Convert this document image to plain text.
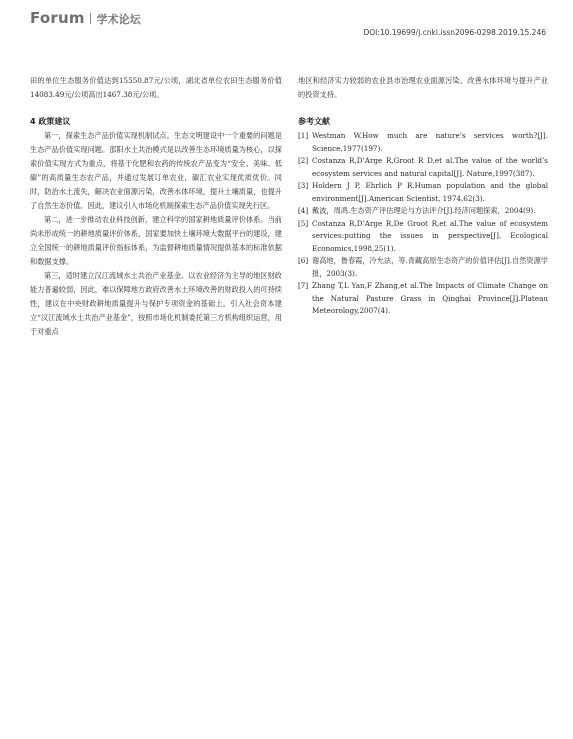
Forum 学术论坛
DOI:10.19699/j.cnki.issn2096-0298.2019.15.246

田的单位生态服务价值达到15550.87元/公顷，湖北省单位农田生态服务价值14083.49元/公顷高出1467.38元/公顷。

4 政策建议

第一，探索生态产品价值实现机制试点。生态文明建设中一个重要的问题是生态产品价值实现问题。邵阳水土共治模式是以改善生态环境质量为核心，以探索价值实现方式为重点，将基于化肥和农药的传统农产品变为“安全、美味、低碳”的高质量生态农产品，并通过发展订单农业，碳汇农业实现优质优价。同时，防治水土流失，解决农业面源污染，改善水体环境，提升土壤质量，也提升了自然生态价值。因此，建议引入市场化机制探索生态产品价值实现先行区。

第二，进一步推动农业科技创新，建立科学的国家耕地质量评价体系。当前尚未形成统一的耕地质量评价体系，国家要加快土壤环境大数据平台的建设，建立全国统一的耕地质量评价指标体系，为监督耕地质量情况提供基本的标准依据和数据支撑。

第三，适时建立汉江流域水土共治产业基金。以农业经济为主导的地区财政能力普遍较弱，因此，难以保障地方政府改善水土环境改善的财政投入的可持续性，建议在中央财政耕地质量提升与保护专项资金的基础上，引入社会资本建立“汉江流域水土共治产业基金”，按照市场化机制委托第三方机构组织运营，用于对重点

地区和经济实力较弱的农业县市治理农业面源污染、改善水体环境与提升产业的投资支持。

参考文献
[1] Westman W.How much are nature’s services worth?[J]. Science,1977(197).
[2] Costanza R,D’Arge R,Groot R D,et al.The value of the world’s ecosystem services and natural capital[J]. Nature,1997(387).
[3] Holdern J P, Ehrlich P R.Human population and the global environment[J].American Scientist, 1974,62(3).
[4] 戴波，周鸿.生态资产评估理论与方法评介[J].经济问题探索，2004(9).
[5] Costanza R,D’Arge R,De Groot R,et al.The value of ecosystem services:putting the issues in perspective[J]. Ecological Economics,1998,25(1).
[6] 谢高地，鲁春霞，冷允法，等.青藏高原生态资产的价值评估[J].自然资源学报，2003(3).
[7] Zhang T,L Yan,F Zhang,et al.The Impacts of Climate Change on the Natural Pasture Grass in Qinghai Province[J].Plateau Meteorology,2007(4).
